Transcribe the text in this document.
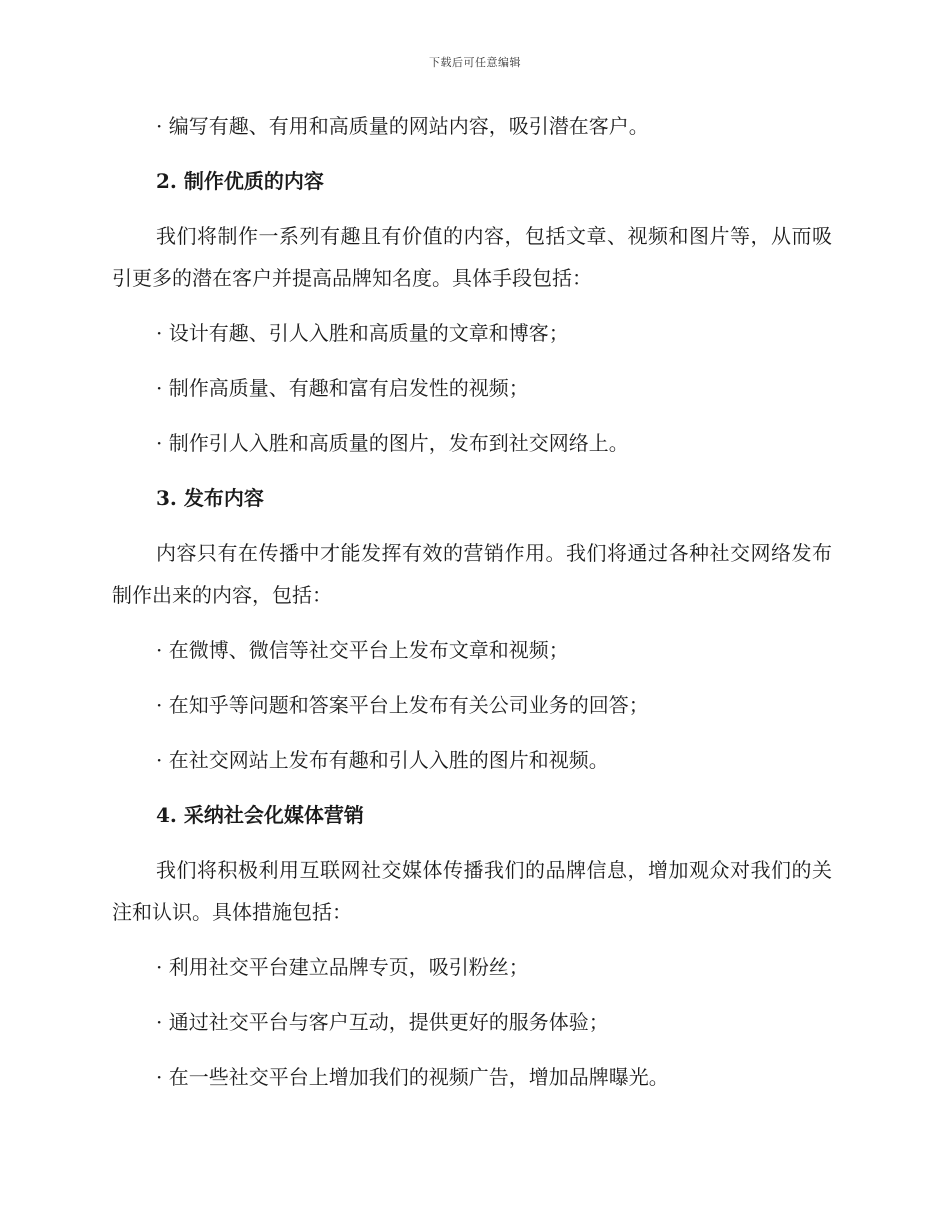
下载后可任意编辑

· 编写有趣、有用和高质量的网站内容，吸引潜在客户。

2. 制作优质的内容

我们将制作一系列有趣且有价值的内容，包括文章、视频和图片等，从而吸引更多的潜在客户并提高品牌知名度。具体手段包括：

· 设计有趣、引人入胜和高质量的文章和博客；

· 制作高质量、有趣和富有启发性的视频；

· 制作引人入胜和高质量的图片，发布到社交网络上。

3. 发布内容

内容只有在传播中才能发挥有效的营销作用。我们将通过各种社交网络发布制作出来的内容，包括：

· 在微博、微信等社交平台上发布文章和视频；

· 在知乎等问题和答案平台上发布有关公司业务的回答；

· 在社交网站上发布有趣和引人入胜的图片和视频。

4. 采纳社会化媒体营销

我们将积极利用互联网社交媒体传播我们的品牌信息，增加观众对我们的关注和认识。具体措施包括：

· 利用社交平台建立品牌专页，吸引粉丝；

· 通过社交平台与客户互动，提供更好的服务体验；

· 在一些社交平台上增加我们的视频广告，增加品牌曝光。
